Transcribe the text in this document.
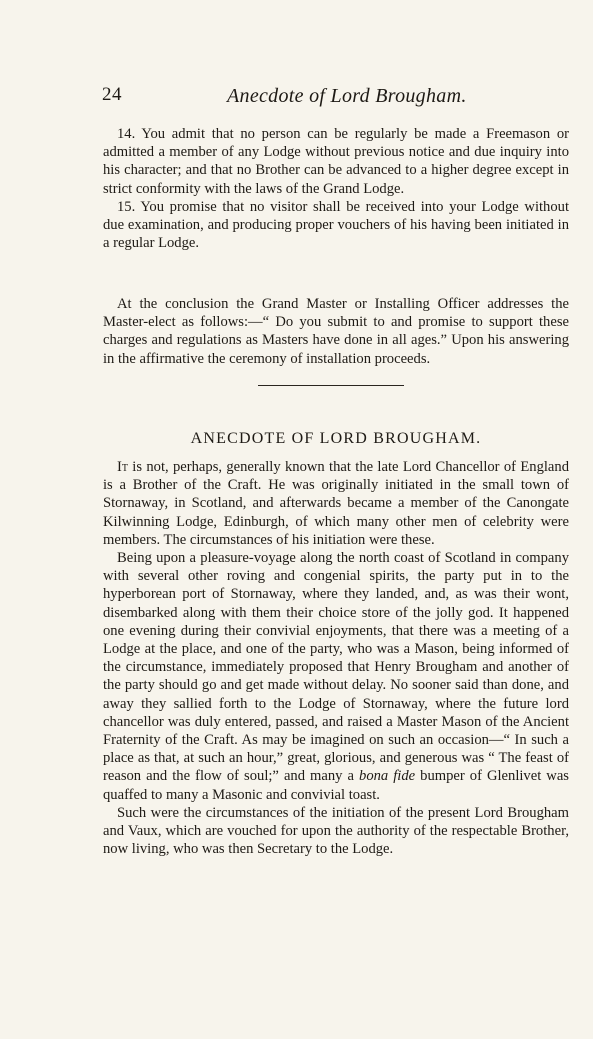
24	Anecdote of Lord Brougham.

14. You admit that no person can be regularly be made a Freemason or admitted a member of any Lodge without previous notice and due inquiry into his character; and that no Brother can be advanced to a higher degree except in strict conformity with the laws of the Grand Lodge.

15. You promise that no visitor shall be received into your Lodge without due examination, and producing proper vouchers of his having been initiated in a regular Lodge.

At the conclusion the Grand Master or Installing Officer addresses the Master-elect as follows:—“ Do you submit to and promise to support these charges and regulations as Masters have done in all ages.” Upon his answering in the affirmative the ceremony of installation proceeds.

ANECDOTE OF LORD BROUGHAM.

It is not, perhaps, generally known that the late Lord Chancellor of England is a Brother of the Craft. He was originally initiated in the small town of Stornaway, in Scotland, and afterwards became a member of the Canongate Kilwinning Lodge, Edinburgh, of which many other men of celebrity were members. The circumstances of his initiation were these.

Being upon a pleasure-voyage along the north coast of Scotland in company with several other roving and congenial spirits, the party put in to the hyperborean port of Stornaway, where they landed, and, as was their wont, disembarked along with them their choice store of the jolly god. It happened one evening during their convivial enjoyments, that there was a meeting of a Lodge at the place, and one of the party, who was a Mason, being informed of the circumstance, immediately proposed that Henry Brougham and another of the party should go and get made without delay. No sooner said than done, and away they sallied forth to the Lodge of Stornaway, where the future lord chancellor was duly entered, passed, and raised a Master Mason of the Ancient Fraternity of the Craft. As may be imagined on such an occasion—“ In such a place as that, at such an hour,” great, glorious, and generous was “ The feast of reason and the flow of soul;” and many a bona fide bumper of Glenlivet was quaffed to many a Masonic and convivial toast.

Such were the circumstances of the initiation of the present Lord Brougham and Vaux, which are vouched for upon the authority of the respectable Brother, now living, who was then Secretary to the Lodge.
